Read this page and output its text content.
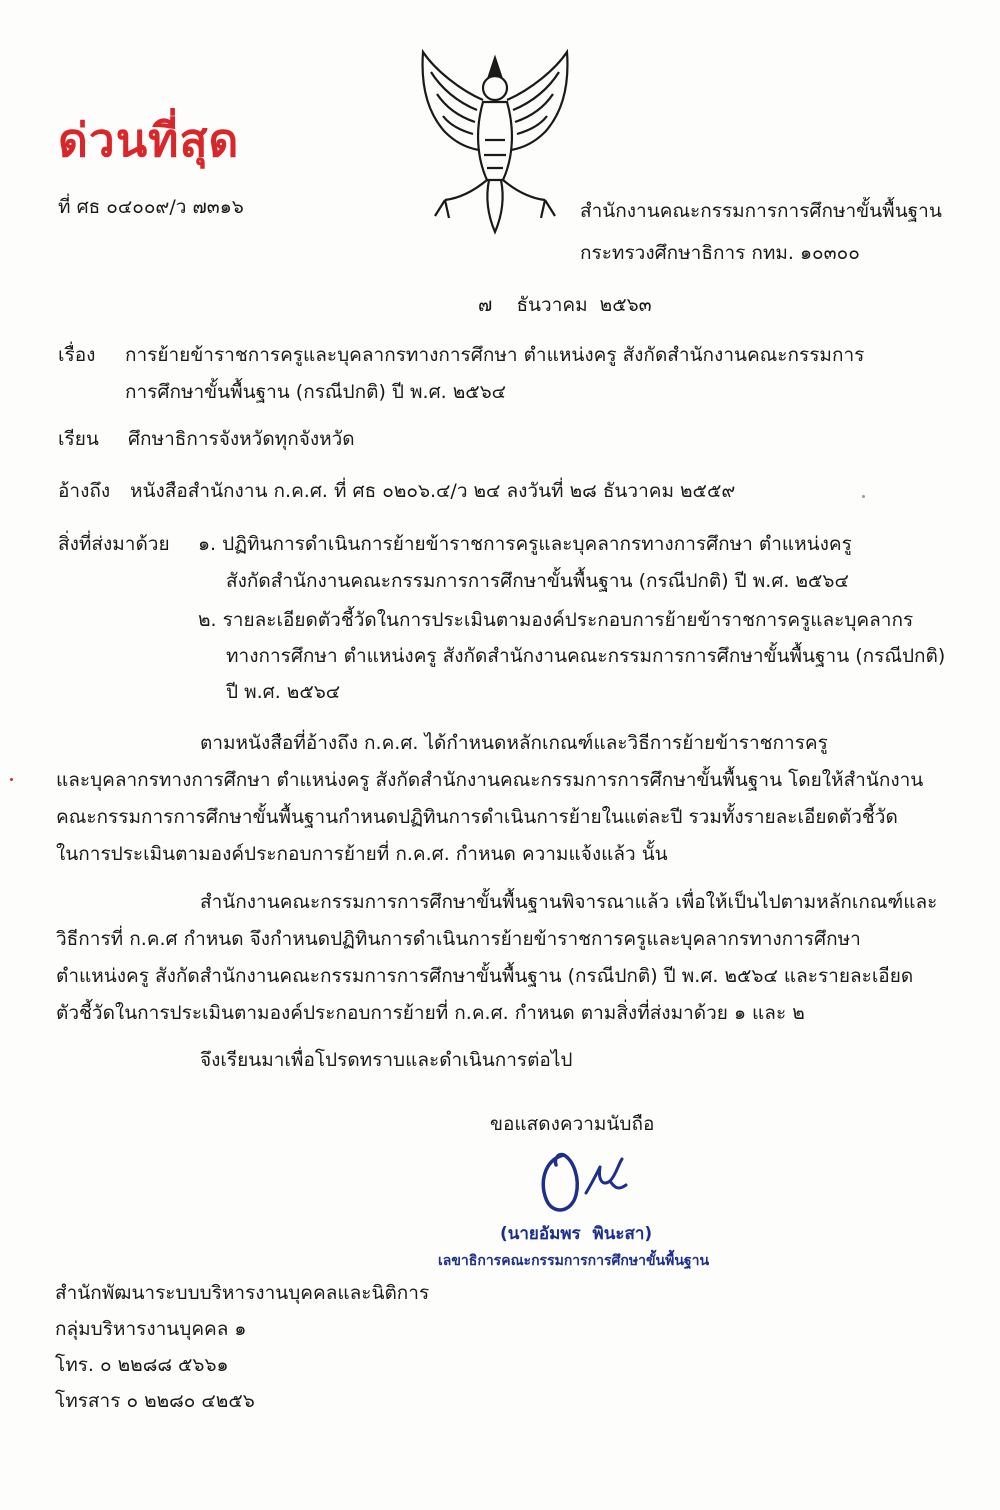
ด่วนที่สุด
ที่ ศธ ๐๔๐๐๙/ว ๗๓๑๖	สำนักงานคณะกรรมการการศึกษาขั้นพื้นฐาน
กระทรวงศึกษาธิการ กทม. ๑๐๓๐๐
๗    ธันวาคม  ๒๕๖๓
เรื่อง การย้ายข้าราชการครูและบุคลากรทางการศึกษา ตำแหน่งครู สังกัดสำนักงานคณะกรรมการ
การศึกษาขั้นพื้นฐาน (กรณีปกติ) ปี พ.ศ. ๒๕๖๔
เรียน ศึกษาธิการจังหวัดทุกจังหวัด
อ้างถึง หนังสือสำนักงาน ก.ค.ศ. ที่ ศธ ๐๒๐๖.๔/ว ๒๔ ลงวันที่ ๒๘ ธันวาคม ๒๕๕๙
สิ่งที่ส่งมาด้วย ๑. ปฏิทินการดำเนินการย้ายข้าราชการครูและบุคลากรทางการศึกษา ตำแหน่งครู
สังกัดสำนักงานคณะกรรมการการศึกษาขั้นพื้นฐาน (กรณีปกติ) ปี พ.ศ. ๒๕๖๔
๒. รายละเอียดตัวชี้วัดในการประเมินตามองค์ประกอบการย้ายข้าราชการครูและบุคลากร
ทางการศึกษา ตำแหน่งครู สังกัดสำนักงานคณะกรรมการการศึกษาขั้นพื้นฐาน (กรณีปกติ)
ปี พ.ศ. ๒๕๖๔
ตามหนังสือที่อ้างถึง ก.ค.ศ. ได้กำหนดหลักเกณฑ์และวิธีการย้ายข้าราชการครู
และบุคลากรทางการศึกษา ตำแหน่งครู สังกัดสำนักงานคณะกรรมการการศึกษาขั้นพื้นฐาน โดยให้สำนักงาน
คณะกรรมการการศึกษาขั้นพื้นฐานกำหนดปฏิทินการดำเนินการย้ายในแต่ละปี รวมทั้งรายละเอียดตัวชี้วัด
ในการประเมินตามองค์ประกอบการย้ายที่ ก.ค.ศ. กำหนด ความแจ้งแล้ว นั้น
สำนักงานคณะกรรมการการศึกษาขั้นพื้นฐานพิจารณาแล้ว เพื่อให้เป็นไปตามหลักเกณฑ์และ
วิธีการที่ ก.ค.ศ กำหนด จึงกำหนดปฏิทินการดำเนินการย้ายข้าราชการครูและบุคลากรทางการศึกษา
ตำแหน่งครู สังกัดสำนักงานคณะกรรมการการศึกษาขั้นพื้นฐาน (กรณีปกติ) ปี พ.ศ. ๒๕๖๔ และรายละเอียด
ตัวชี้วัดในการประเมินตามองค์ประกอบการย้ายที่ ก.ค.ศ. กำหนด ตามสิ่งที่ส่งมาด้วย ๑ และ ๒
จึงเรียนมาเพื่อโปรดทราบและดำเนินการต่อไป
ขอแสดงความนับถือ
(นายอัมพร  พินะสา)
เลขาธิการคณะกรรมการการศึกษาขั้นพื้นฐาน
สำนักพัฒนาระบบบริหารงานบุคคลและนิติการ
กลุ่มบริหารงานบุคคล ๑
โทร. ๐ ๒๒๘๘ ๕๖๖๑
โทรสาร ๐ ๒๒๘๐ ๔๒๕๖
